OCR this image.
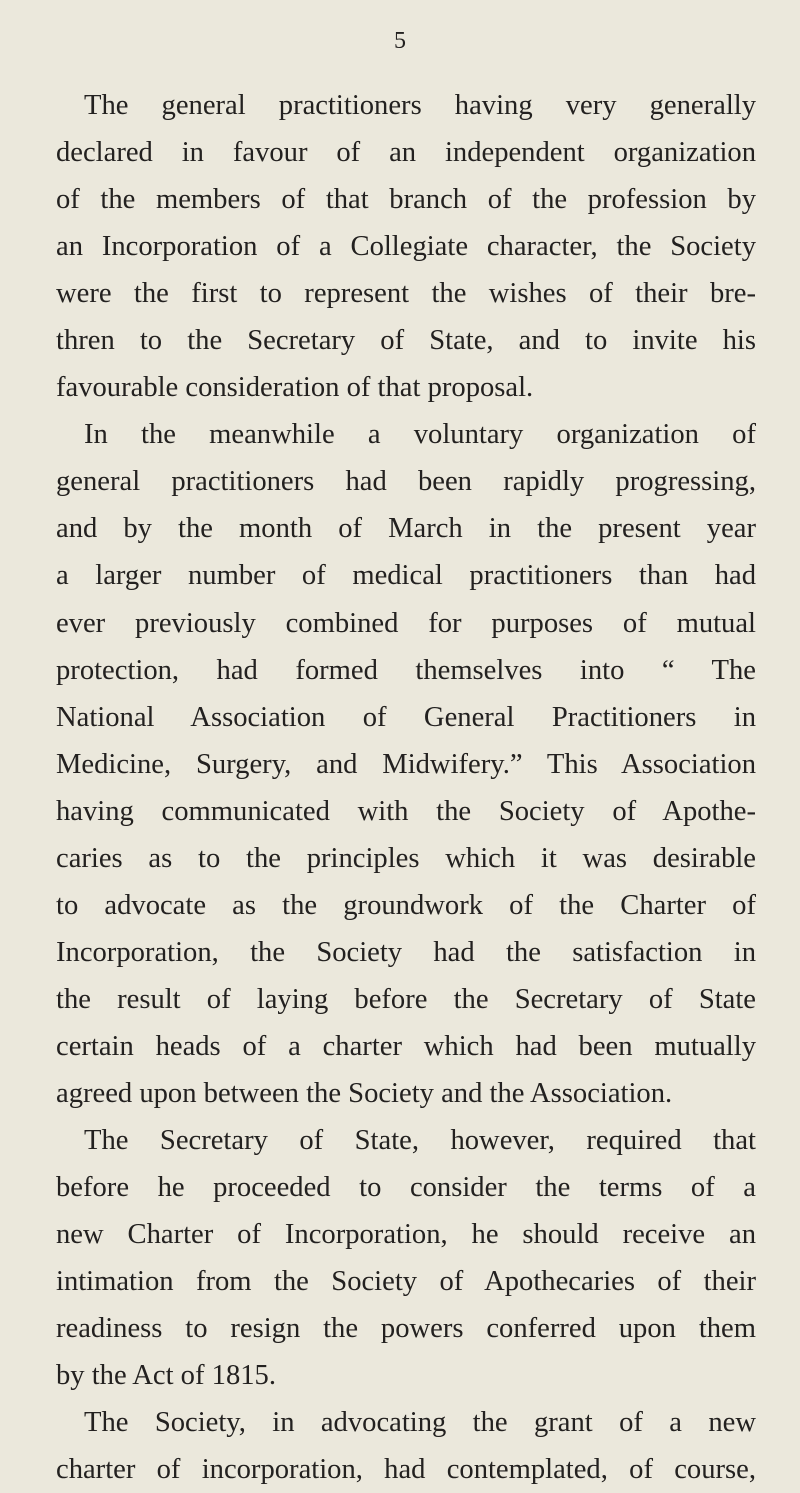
5
The general practitioners having very generally
declared in favour of an independent organization
of the members of that branch of the profession by
an Incorporation of a Collegiate character, the Society
were the first to represent the wishes of their bre-
thren to the Secretary of State, and to invite his
favourable consideration of that proposal.
In the meanwhile a voluntary organization of
general practitioners had been rapidly progressing,
and by the month of March in the present year
a larger number of medical practitioners than had
ever previously combined for purposes of mutual
protection, had formed themselves into “ The
National Association of General Practitioners in
Medicine, Surgery, and Midwifery.” This Association
having communicated with the Society of Apothe-
caries as to the principles which it was desirable
to advocate as the groundwork of the Charter of
Incorporation, the Society had the satisfaction in
the result of laying before the Secretary of State
certain heads of a charter which had been mutually
agreed upon between the Society and the Association.
The Secretary of State, however, required that
before he proceeded to consider the terms of a
new Charter of Incorporation, he should receive an
intimation from the Society of Apothecaries of their
readiness to resign the powers conferred upon them
by the Act of 1815.
The Society, in advocating the grant of a new
charter of incorporation, had contemplated, of course,
